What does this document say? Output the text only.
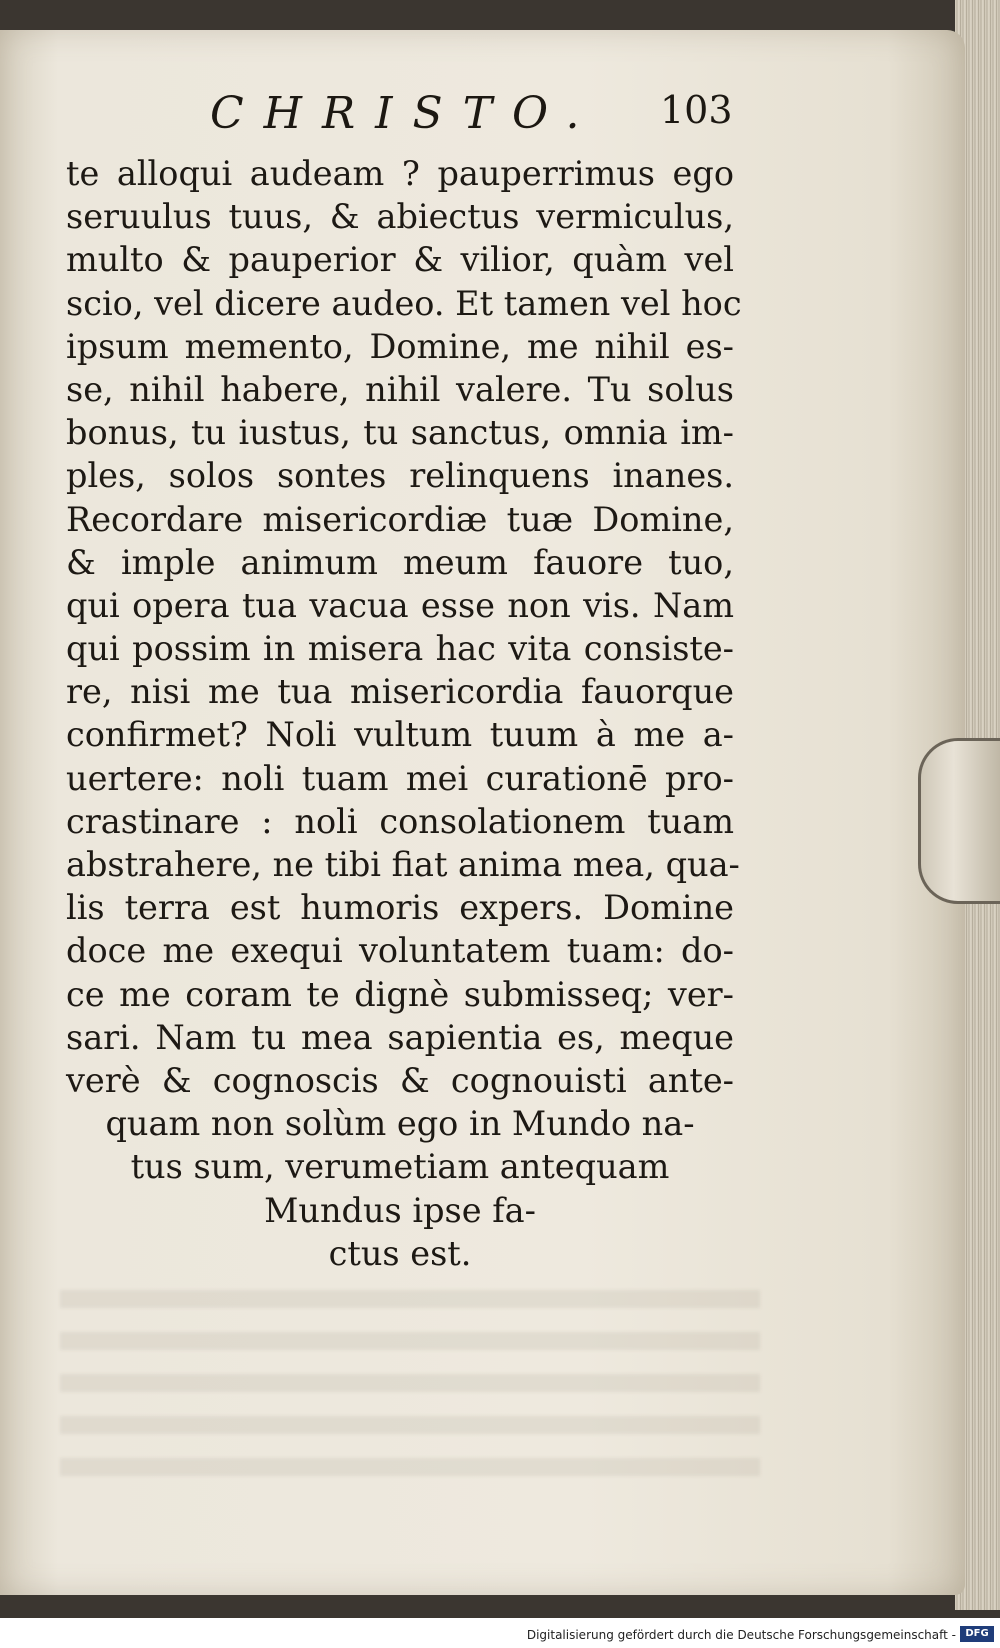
CHRISTO. 103
te alloqui audeam ? pauperrimus ego
seruulus tuus, & abiectus vermiculus,
multo & pauperior & vilior, quàm vel
scio, vel dicere audeo. Et tamen vel hoc
ipsum memento, Domine, me nihil es-
se, nihil habere, nihil valere. Tu solus
bonus, tu iustus, tu sanctus, omnia im-
ples, solos sontes relinquens inanes.
Recordare misericordiæ tuæ Domine,
& imple animum meum fauore tuo,
qui opera tua vacua esse non vis. Nam
qui possim in misera hac vita consiste-
re, nisi me tua misericordia fauorque
confirmet? Noli vultum tuum à me a-
uertere: noli tuam mei curationē pro-
crastinare : noli consolationem tuam
abstrahere, ne tibi fiat anima mea, qua-
lis terra est humoris expers. Domine
doce me exequi voluntatem tuam: do-
ce me coram te dignè submisseq; ver-
sari. Nam tu mea sapientia es, meque
verè & cognoscis & cognouisti ante-
quam non solùm ego in Mundo na-
tus sum, verumetiam antequam
Mundus ipse fa-
ctus est.
Digitalisierung gefördert durch die Deutsche Forschungsgemeinschaft - DFG
